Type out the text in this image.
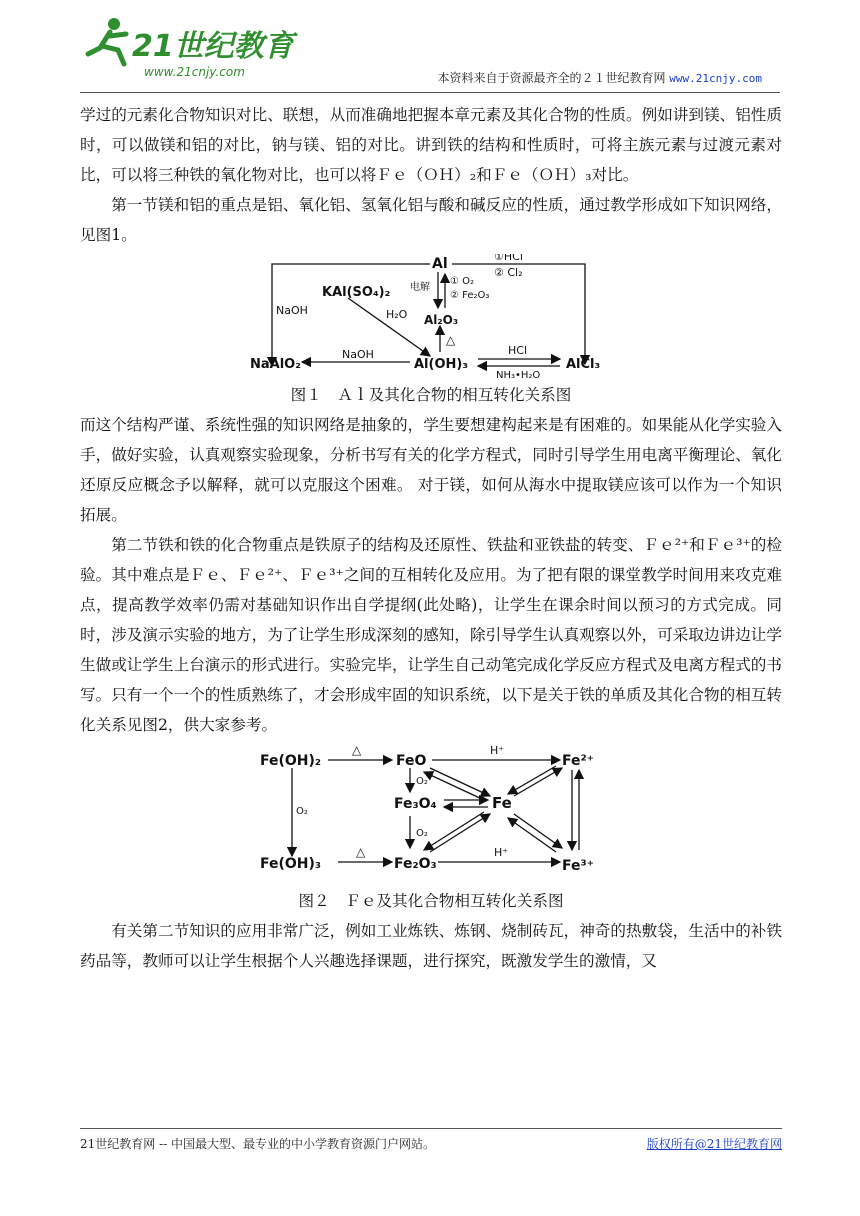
21世纪教育
www.21cnjy.com	本资料来自于资源最齐全的２１世纪教育网 www.21cnjy.com

学过的元素化合物知识对比、联想，从而准确地把握本章元素及其化合物的性质。例如讲到镁、铝性质时，可以做镁和铝的对比，钠与镁、铝的对比。讲到铁的结构和性质时，可将主族元素与过渡元素对比，可以将三种铁的氧化物对比，也可以将Ｆｅ（ＯＨ）₂和Ｆｅ（ＯＨ）₃对比。

第一节镁和铝的重点是铝、氧化铝、氢氧化铝与酸和碱反应的性质，通过教学形成如下知识网络，见图1。

Al	①HCl
② Cl₂
① O₂
② Fe₂O₃
电解
KAl(SO₄)₂
H₂O Al₂O₃
NaOH
△
NaAlO₂
NaOH
Al(OH)₃
HCl
NH₃•H₂O
AlCl₃

图１　Ａｌ及其化合物的相互转化关系图

而这个结构严谨、系统性强的知识网络是抽象的，学生要想建构起来是有困难的。如果能从化学实验入手，做好实验，认真观察实验现象，分析书写有关的化学方程式，同时引导学生用电离平衡理论、氧化还原反应概念予以解释，就可以克服这个困难。 对于镁，如何从海水中提取镁应该可以作为一个知识拓展。

第二节铁和铁的化合物重点是铁原子的结构及还原性、铁盐和亚铁盐的转变、Ｆｅ²⁺和Ｆｅ³⁺的检验。其中难点是Ｆｅ、Ｆｅ²⁺、Ｆｅ³⁺之间的互相转化及应用。为了把有限的课堂教学时间用来攻克难点，提高教学效率仍需对基础知识作出自学提纲(此处略)，让学生在课余时间以预习的方式完成。同时，涉及演示实验的地方，为了让学生形成深刻的感知，除引导学生认真观察以外，可采取边讲边让学生做或让学生上台演示的形式进行。实验完毕，让学生自己动笔完成化学反应方程式及电离方程式的书写。只有一个一个的性质熟练了，才会形成牢固的知识系统，以下是关于铁的单质及其化合物的相互转化关系见图2，供大家参考。

Fe(OH)₂
△
FeO
H⁺
Fe²⁺
O₂
O₂
Fe₃O₄	Fe
O₂
Fe(OH)₃
△
Fe₂O₃
H⁺
Fe³⁺

图２　Ｆｅ及其化合物相互转化关系图

有关第二节知识的应用非常广泛，例如工业炼铁、炼钢、烧制砖瓦，神奇的热敷袋，生活中的补铁药品等，教师可以让学生根据个人兴趣选择课题，进行探究，既激发学生的激情，又

21世纪教育网 -- 中国最大型、最专业的中小学教育资源门户网站。	版权所有@21世纪教育网
